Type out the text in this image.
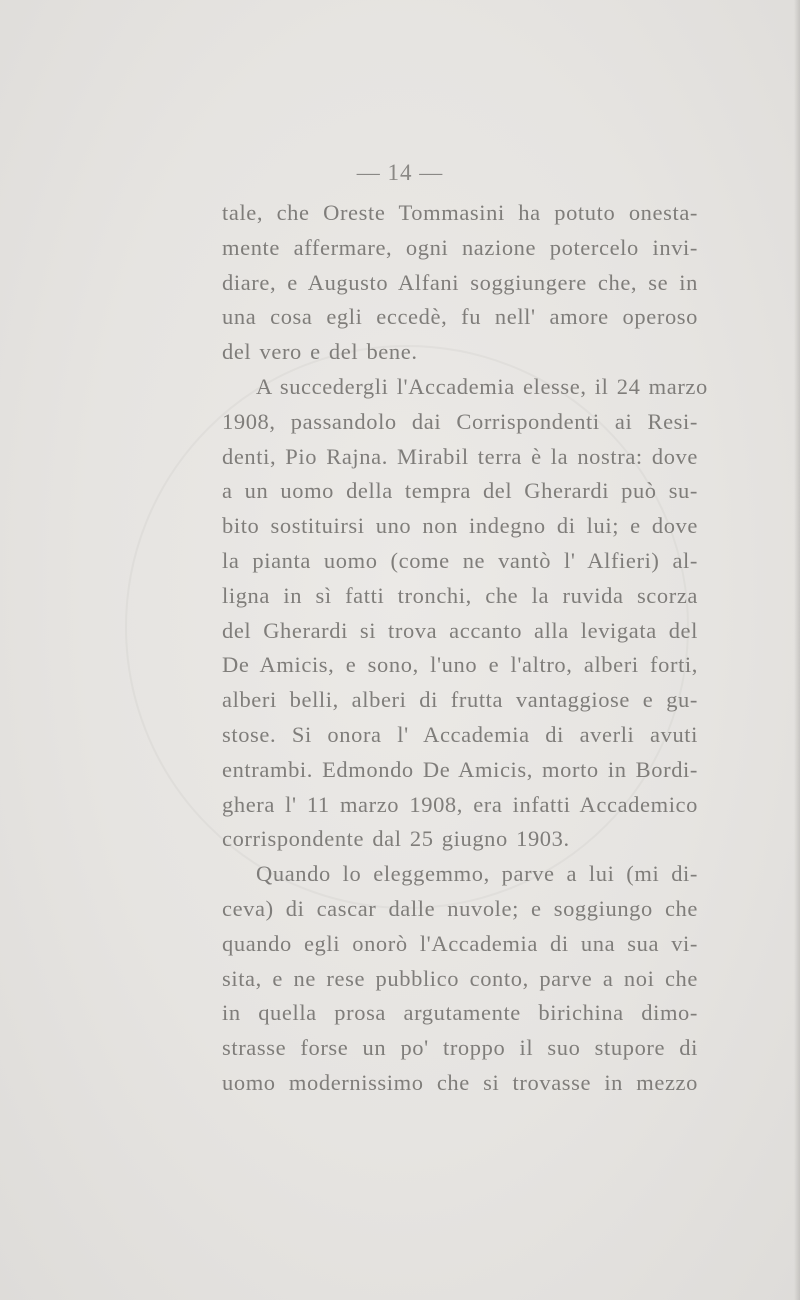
— 14 —
tale, che Oreste Tommasini ha potuto onesta-
mente affermare, ogni nazione potercelo invi-
diare, e Augusto Alfani soggiungere che, se in
una cosa egli eccedè, fu nell' amore operoso
del vero e del bene.
A succedergli l'Accademia elesse, il 24 marzo
1908, passandolo dai Corrispondenti ai Resi-
denti, Pio Rajna. Mirabil terra è la nostra: dove
a un uomo della tempra del Gherardi può su-
bito sostituirsi uno non indegno di lui; e dove
la pianta uomo (come ne vantò l' Alfieri) al-
ligna in sì fatti tronchi, che la ruvida scorza
del Gherardi si trova accanto alla levigata del
De Amicis, e sono, l'uno e l'altro, alberi forti,
alberi belli, alberi di frutta vantaggiose e gu-
stose. Si onora l' Accademia di averli avuti
entrambi. Edmondo De Amicis, morto in Bordi-
ghera l' 11 marzo 1908, era infatti Accademico
corrispondente dal 25 giugno 1903.
Quando lo eleggemmo, parve a lui (mi di-
ceva) di cascar dalle nuvole; e soggiungo che
quando egli onorò l'Accademia di una sua vi-
sita, e ne rese pubblico conto, parve a noi che
in quella prosa argutamente birichina dimo-
strasse forse un po' troppo il suo stupore di
uomo modernissimo che si trovasse in mezzo
